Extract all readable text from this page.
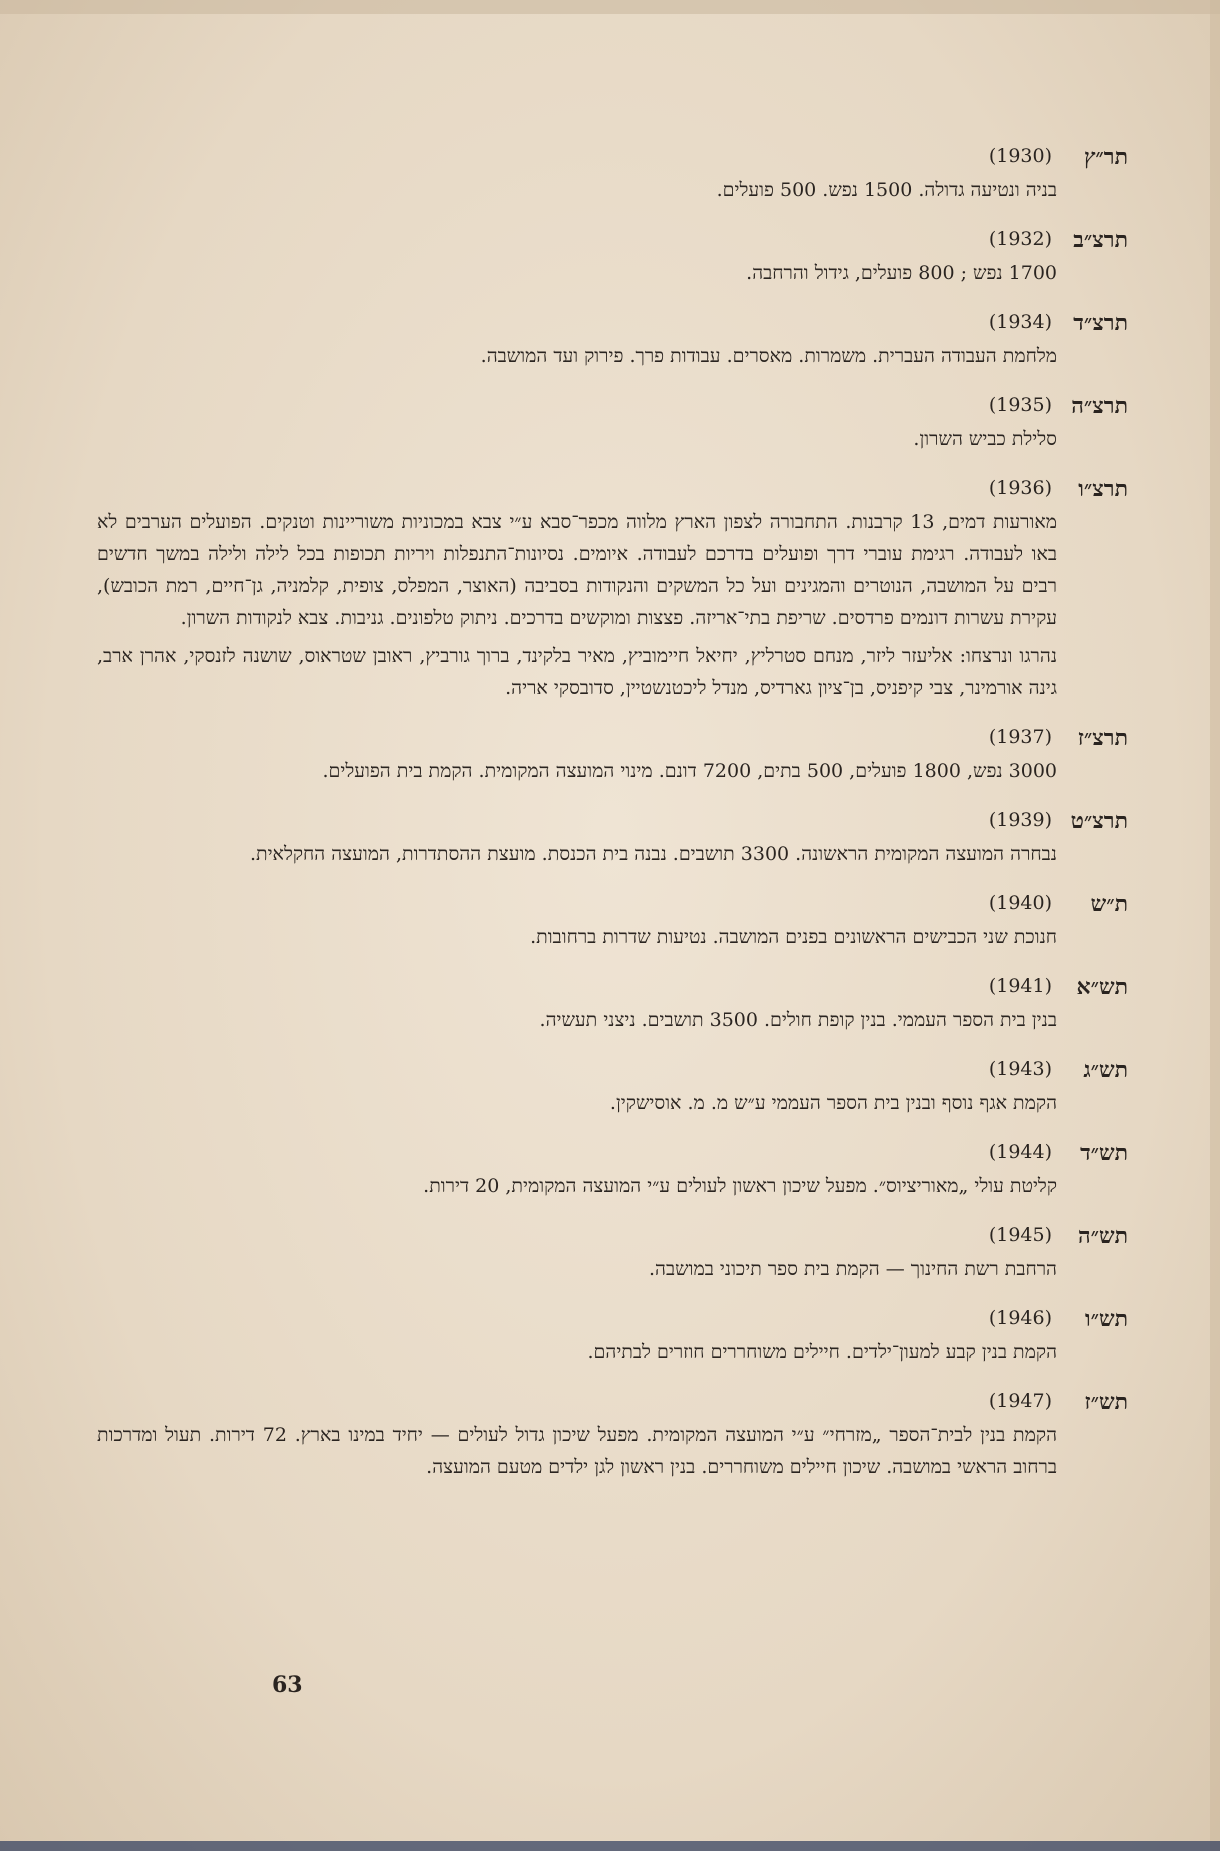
תר״ץ
(1930)

בניה ונטיעה גדולה. 1500 נפש. 500 פועלים.

תרצ״ב
(1932)

1700 נפש ; 800 פועלים, גידול והרחבה.

תרצ״ד
(1934)

מלחמת העבודה העברית. משמרות. מאסרים. עבודות פרך. פירוק ועד המושבה.

תרצ״ה
(1935)

סלילת כביש השרון.

תרצ״ו
(1936)

מאורעות דמים, 13 קרבנות. התחבורה לצפון הארץ מלווה מכפר־סבא ע״י צבא במכוניות משוריינות וטנקים. הפועלים הערבים לא באו לעבודה. רגימת עוברי דרך ופועלים בדרכם לעבודה. איומים. נסיונות־התנפלות ויריות תכופות בכל לילה ולילה במשך חדשים רבים על המושבה, הנוטרים והמגינים ועל כל המשקים והנקודות בסביבה (האוצר, המפלס, צופית, קלמניה, גן־חיים, רמת הכובש), עקירת עשרות דונמים פרדסים. שריפת בתי־אריזה. פצצות ומוקשים בדרכים. ניתוק טלפונים. גניבות. צבא לנקודות השרון.

נהרגו ונרצחו: אליעזר ליזר, מנחם סטרליץ, יחיאל חיימוביץ, מאיר בלקינד, ברוך גורביץ, ראובן שטראוס, שושנה לזנסקי, אהרן ארב, גינה אורמינר, צבי קיפניס, בן־ציון גארדיס, מנדל ליכטנשטיין, סדובסקי אריה.

תרצ״ז
(1937)

3000 נפש, 1800 פועלים, 500 בתים, 7200 דונם. מינוי המועצה המקומית. הקמת בית הפועלים.

תרצ״ט
(1939)

נבחרה המועצה המקומית הראשונה. 3300 תושבים. נבנה בית הכנסת. מועצת ההסתדרות, המועצה החקלאית.

ת״ש
(1940)

חנוכת שני הכבישים הראשונים בפנים המושבה. נטיעות שדרות ברחובות.

תש״א
(1941)

בנין בית הספר העממי. בנין קופת חולים. 3500 תושבים. ניצני תעשיה.

תש״ג
(1943)

הקמת אגף נוסף ובנין בית הספר העממי ע״ש מ. מ. אוסישקין.

תש״ד
(1944)

קליטת עולי „מאוריציוס״. מפעל שיכון ראשון לעולים ע״י המועצה המקומית, 20 דירות.

תש״ה
(1945)

הרחבת רשת החינוך — הקמת בית ספר תיכוני במושבה.

תש״ו
(1946)

הקמת בנין קבע למעון־ילדים. חיילים משוחררים חוזרים לבתיהם.

תש״ז
(1947)

הקמת בנין לבית־הספר „מזרחי״ ע״י המועצה המקומית. מפעל שיכון גדול לעולים — יחיד במינו בארץ. 72 דירות. תעול ומדרכות ברחוב הראשי במושבה. שיכון חיילים משוחררים. בנין ראשון לגן ילדים מטעם המועצה.

63
